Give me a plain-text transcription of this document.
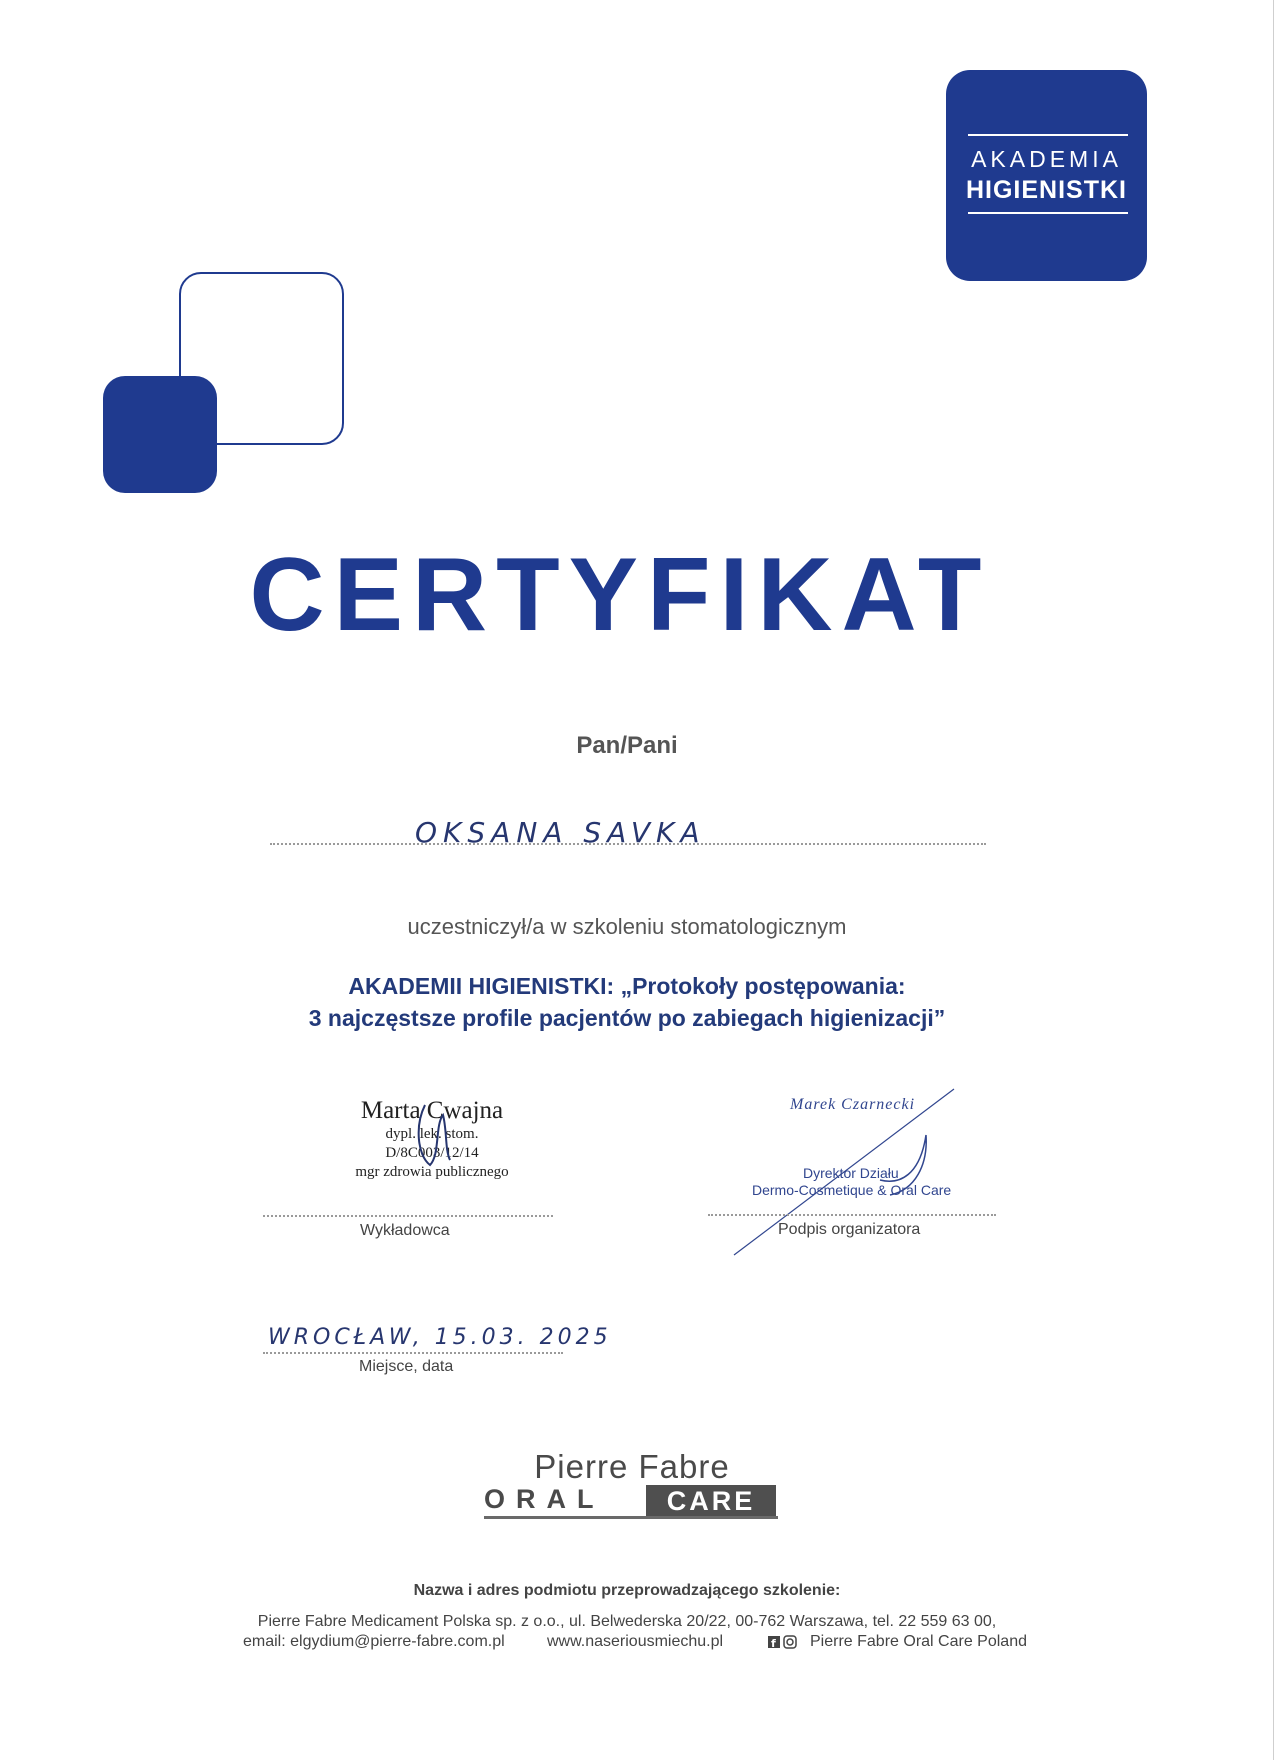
AKADEMIA
HIGIENISTKI
CERTYFIKAT
Pan/Pani
OKSANA SAVKA
uczestniczył/a w szkoleniu stomatologicznym
AKADEMII HIGIENISTKI: „Protokoły postępowania:
3 najczęstsze profile pacjentów po zabiegach higienizacji”
Marta Cwajna
dypl. lek. stom.
D/8C003/12/14
mgr zdrowia publicznego
Wykładowca
Marek Czarnecki
Dyrektor Działu
Dermo-Cosmetique & Oral Care
Podpis organizatora
WROCŁAW, 15.03. 2025
Miejsce, data
Pierre Fabre
ORAL	CARE
Nazwa i adres podmiotu przeprowadzającego szkolenie:
Pierre Fabre Medicament Polska sp. z o.o., ul. Belwederska 20/22, 00-762 Warszawa, tel. 22 559 63 00,
email: elgydium@pierre-fabre.com.pl	www.naseriousmiechu.pl	f Pierre Fabre Oral Care Poland
